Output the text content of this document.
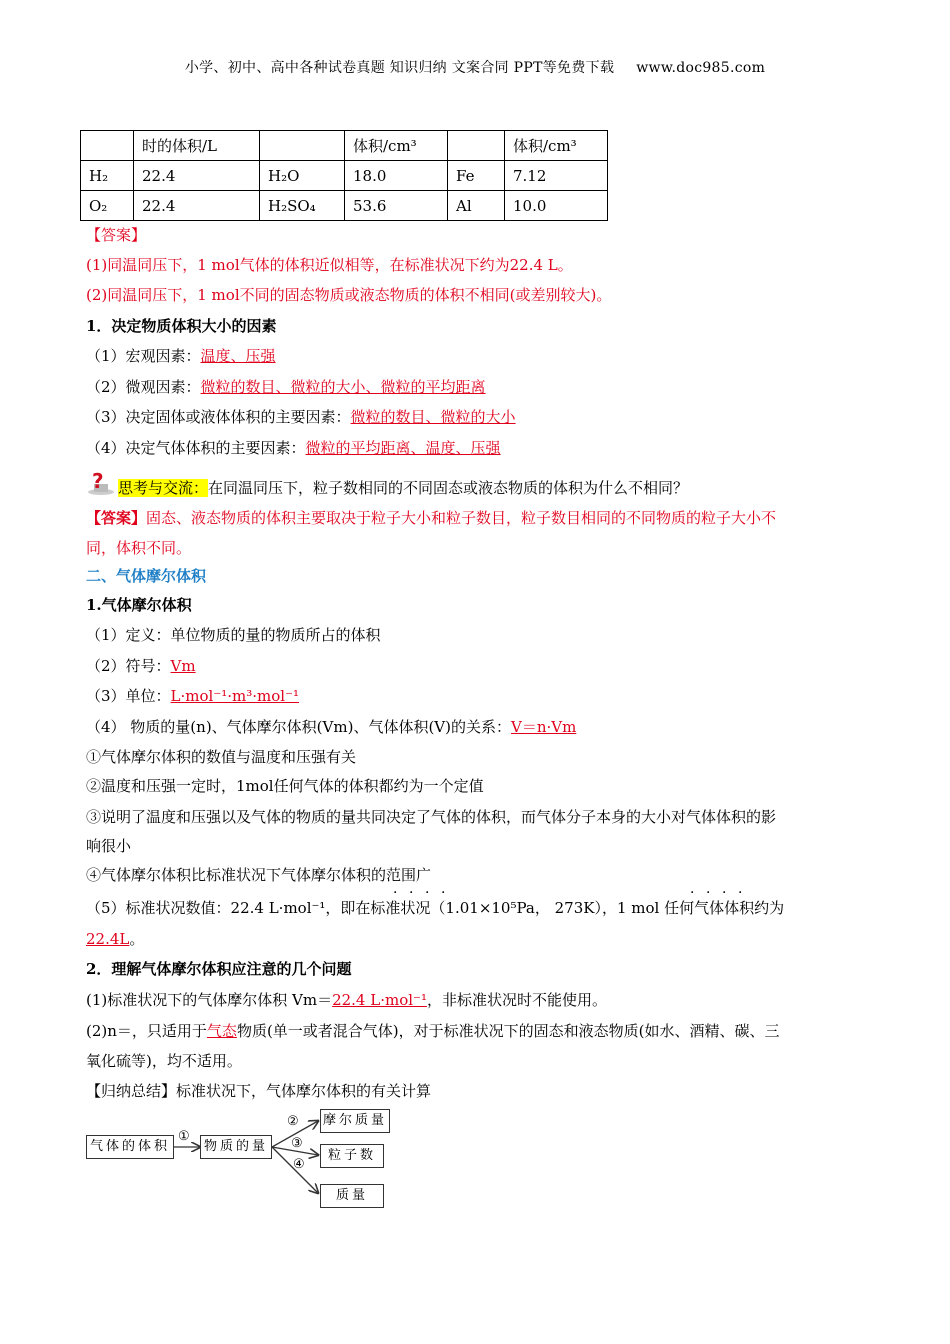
小学、初中、高中各种试卷真题 知识归纳 文案合同 PPT等免费下载 www.doc985.com
	时的体积/L		体积/cm³		体积/cm³
H₂	22.4	H₂O	18.0	Fe	7.12
O₂	22.4	H₂SO₄	53.6	Al	10.0
【答案】
(1)同温同压下，1 mol气体的体积近似相等，在标准状况下约为22.4 L。
(2)同温同压下，1 mol不同的固态物质或液态物质的体积不相同(或差别较大)。
1．决定物质体积大小的因素
（1）宏观因素：温度、压强
（2）微观因素：微粒的数目、微粒的大小、微粒的平均距离
（3）决定固体或液体体积的主要因素：微粒的数目、微粒的大小
（4）决定气体体积的主要因素：微粒的平均距离、温度、压强
? 思考与交流：在同温同压下，粒子数相同的不同固态或液态物质的体积为什么不相同？
【答案】固态、液态物质的体积主要取决于粒子大小和粒子数目，粒子数目相同的不同物质的粒子大小不
同，体积不同。
二、气体摩尔体积
1.气体摩尔体积
（1）定义：单位物质的量的物质所占的体积
（2）符号：Vm
（3）单位：L·mol⁻¹·m³·mol⁻¹
（4） 物质的量(n)、气体摩尔体积(Vm)、气体体积(V)的关系：V＝n·Vm
①气体摩尔体积的数值与温度和压强有关
②温度和压强一定时，1mol任何气体的体积都约为一个定值
③说明了温度和压强以及气体的物质的量共同决定了气体的体积，而气体分子本身的大小对气体体积的影
响很小
④气体摩尔体积比标准状况下气体摩尔体积的范围广
· · · ·	· · · ·
（5）标准状况数值：22.4 L·mol⁻¹，即在标准状况（1.01×10⁵Pa， 273K），1 mol 任何气体体积约为
22.4L。
2．理解气体摩尔体积应注意的几个问题
(1)标准状况下的气体摩尔体积 Vm＝22.4 L·mol⁻¹，非标准状况时不能使用。
(2)n＝，只适用于气态物质(单一或者混合气体)，对于标准状况下的固态和液态物质(如水、酒精、碳、三
氧化硫等)，均不适用。
【归纳总结】标准状况下，气体摩尔体积的有关计算
气体的体积	物质的量
摩尔质量
粒子数
质量
①
②
③
④
